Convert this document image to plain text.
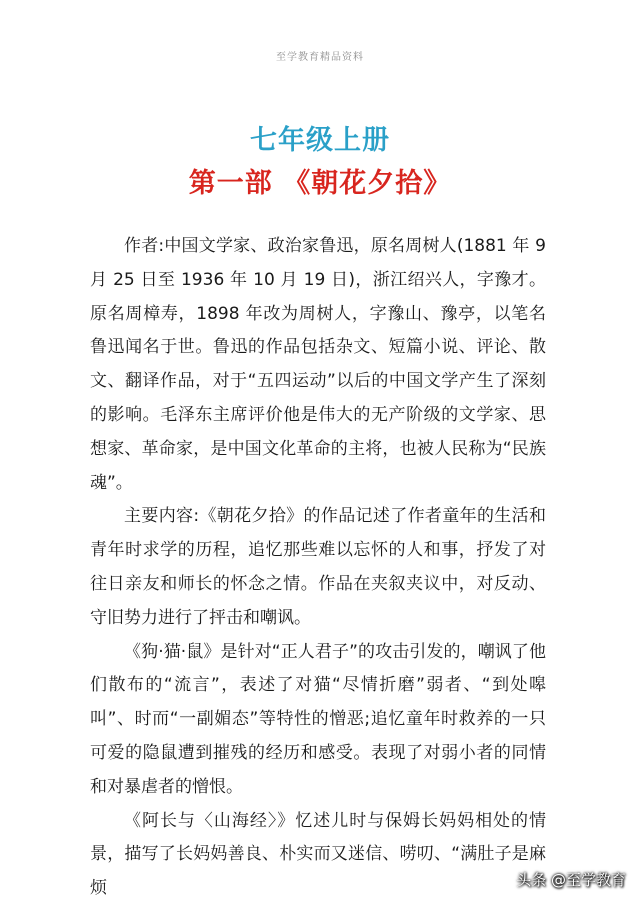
至学教育精品资料
七年级上册
第一部 《朝花夕拾》

作者:中国文学家、政治家鲁迅，原名周树人(1881 年 9 月 25 日至 1936 年 10 月 19 日)，浙江绍兴人，字豫才。原名周樟寿，1898 年改为周树人，字豫山、豫亭，以笔名鲁迅闻名于世。鲁迅的作品包括杂文、短篇小说、评论、散文、翻译作品，对于“五四运动”以后的中国文学产生了深刻的影响。毛泽东主席评价他是伟大的无产阶级的文学家、思想家、革命家，是中国文化革命的主将，也被人民称为“民族魂”。

主要内容:《朝花夕拾》的作品记述了作者童年的生活和青年时求学的历程，追忆那些难以忘怀的人和事，抒发了对往日亲友和师长的怀念之情。作品在夹叙夹议中，对反动、守旧势力进行了抨击和嘲讽。

《狗·猫·鼠》是针对“正人君子”的攻击引发的，嘲讽了他们散布的“流言”，表述了对猫“尽情折磨”弱者、“到处嗥叫”、时而“一副媚态”等特性的憎恶;追忆童年时救养的一只可爱的隐鼠遭到摧残的经历和感受。表现了对弱小者的同情和对暴虐者的憎恨。

《阿长与〈山海经〉》忆述儿时与保姆长妈妈相处的情景，描写了长妈妈善良、朴实而又迷信、唠叨、“满肚子是麻烦	头条 @至学教育
